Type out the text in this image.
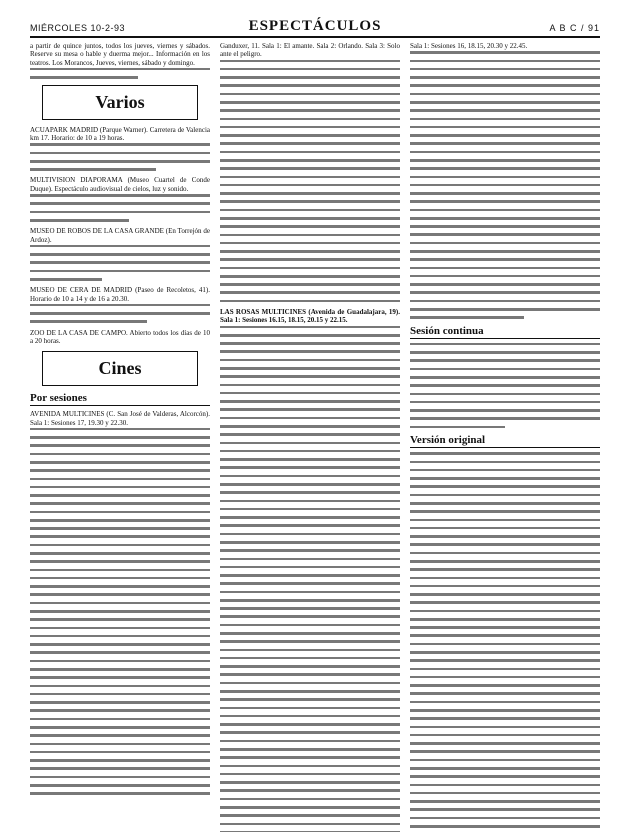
MIÉRCOLES 10-2-93	ESPECTÁCULOS	A B C / 91

a partir de quince juntos, todos los jueves, viernes y sábados. Reserve su mesa o hable y duerma mejor... Información en los teatros. Los Morancos, Jueves, viernes, sábado y domingo.

Varios

ACUAPARK MADRID (Parque Warner). Carretera de Valencia km 17. Horario: de 10 a 19 horas.

MULTIVISION DIAPORAMA (Museo Cuartel de Conde Duque). Espectáculo audiovisual de cielos, luz y sonido.

MUSEO DE ROBOS DE LA CASA GRANDE (En Torrejón de Ardoz).

MUSEO DE CERA DE MADRID (Paseo de Recoletos, 41). Horario de 10 a 14 y de 16 a 20.30.

ZOO DE LA CASA DE CAMPO. Abierto todos los días de 10 a 20 horas.

Cines
Por sesiones

AVENIDA MULTICINES (C. San José de Valderas, Alcorcón). Sala 1: Sesiones 17, 19.30 y 22.30.

Ganduxer, 11. Sala 1: El amante. Sala 2: Orlando. Sala 3: Solo ante el peligro.

LAS ROSAS MULTICINES (Avenida de Guadalajara, 19). Sala 1: Sesiones 16.15, 18.15, 20.15 y 22.15.

Sala 1: Sesiones 16, 18.15, 20.30 y 22.45.

Sesión continua
Versión original
